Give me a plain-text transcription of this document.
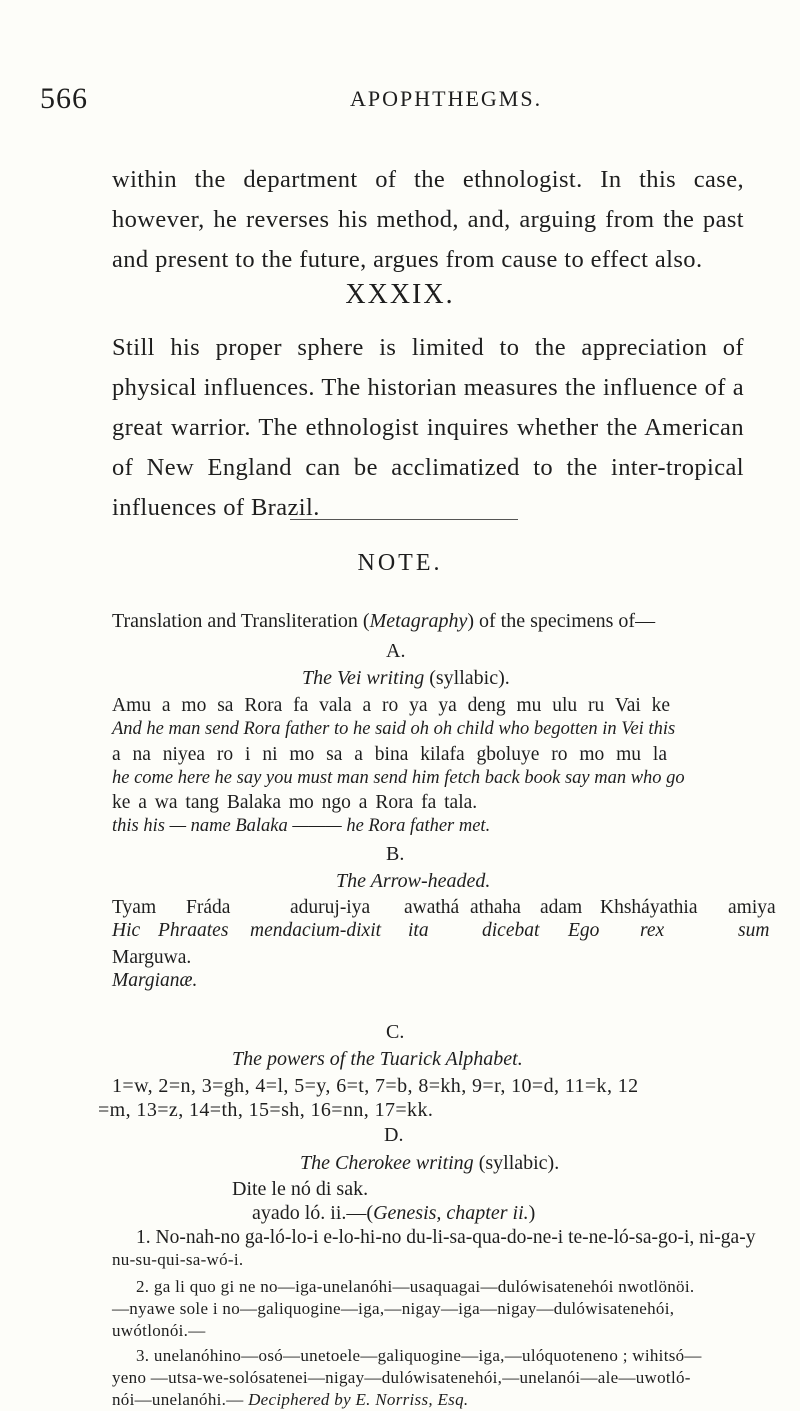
566	APOPHTHEGMS.

within the department of the ethnologist. In this case, however, he reverses his method, and, arguing from the past and present to the future, argues from cause to effect also.

XXXIX.

Still his proper sphere is limited to the appreciation of physical influences. The historian measures the influence of a great warrior. The ethnologist inquires whether the American of New England can be acclimatized to the inter-tropical influences of Brazil.

NOTE.
Translation and Transliteration (Metagraphy) of the specimens of—
A.
The Vei writing (syllabic).
Amu a mo sa Rora fa vala a ro ya ya deng mu ulu ru Vai ke
And he man send Rora father to he said oh oh child who begotten in Vei this
a na niyea ro i ni mo sa a bina kilafa gboluye ro mo mu la
he come here he say you must man send him fetch back book say man who go
ke a wa tang Balaka mo ngo a Rora fa tala.
this his — name Balaka ——— he Rora father met.
B.
The Arrow-headed.
Tyam Fráda	aduruj-iya awathá athaha adam Khsháyathia amiya
Hic Phraates mendacium-dixit ita	dicebat Ego rex	sum
Marguwa.
Margianæ.
C.
The powers of the Tuarick Alphabet.
1=w, 2=n, 3=gh, 4=l, 5=y, 6=t, 7=b, 8=kh, 9=r, 10=d, 11=k, 12
=m, 13=z, 14=th, 15=sh, 16=nn, 17=kk.
D.
The Cherokee writing (syllabic).
Dite le nó di sak.
ayado ló. ii.—(Genesis, chapter ii.)
1. No-nah-no ga-ló-lo-i e-lo-hi-no du-li-sa-qua-do-ne-i te-ne-ló-sa-go-i, ni-ga-y
nu-su-qui-sa-wó-i.
2. ga li quo gi ne no—iga-unelanóhi—usaquagai—dulówisatenehói nwotlönöi.
—nyawe sole i no—galiquogine—iga,—nigay—iga—nigay—dulówisatenehói,
uwótlonói.—
3. unelanóhino—osó—unetoele—galiquogine—iga,—ulóquoteneno ; wihitsó—
yeno —utsa-we-solósatenei—nigay—dulówisatenehói,—unelanói—ale—uwotló-
nói—unelanóhi.— Deciphered by E. Norriss, Esq.
